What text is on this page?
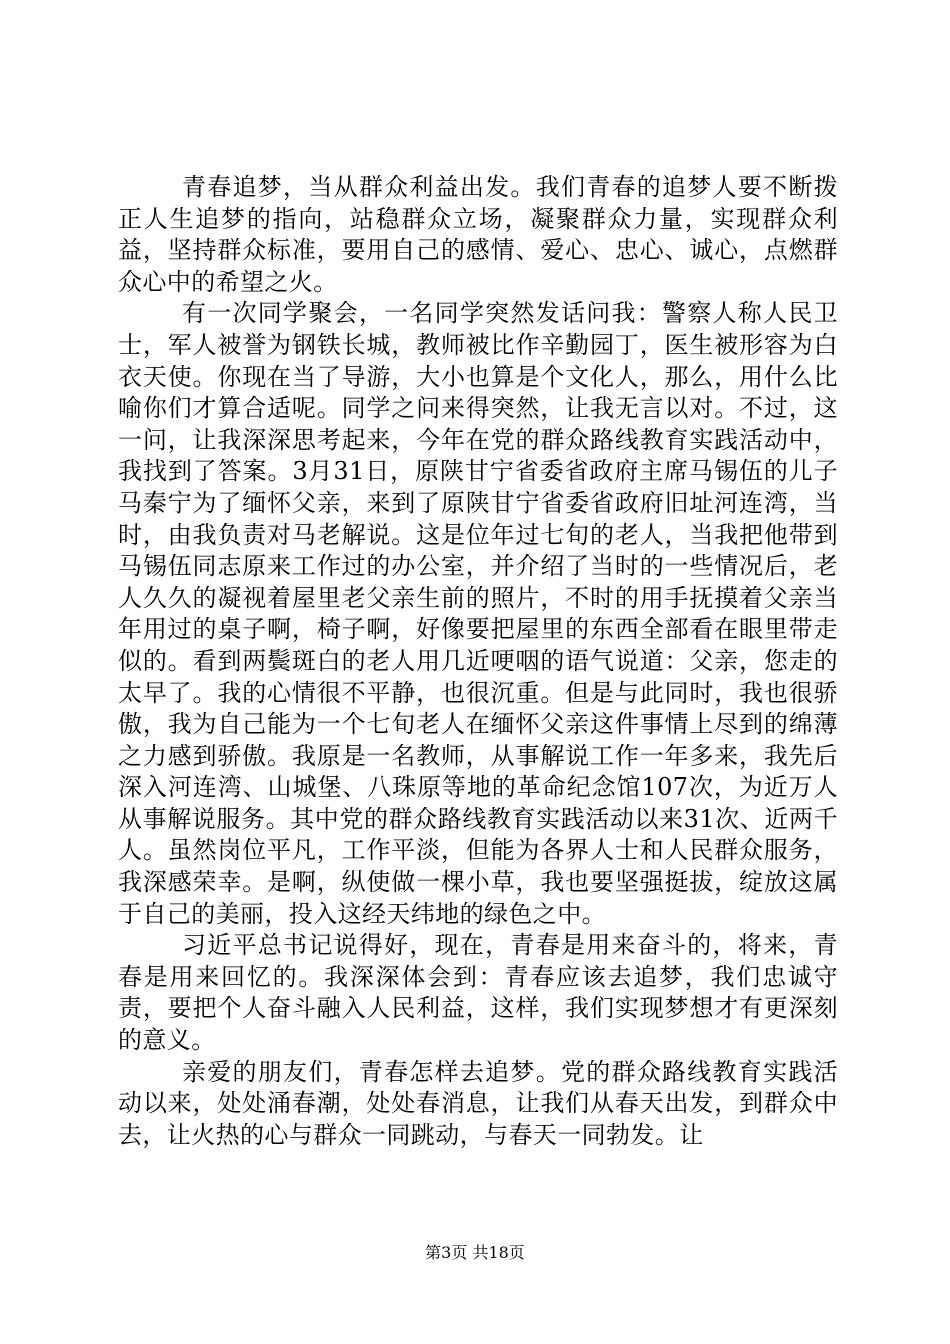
青春追梦，当从群众利益出发。我们青春的追梦人要不断拨正人生追梦的指向，站稳群众立场，凝聚群众力量，实现群众利益，坚持群众标准，要用自己的感情、爱心、忠心、诚心，点燃群众心中的希望之火。

有一次同学聚会，一名同学突然发话问我：警察人称人民卫士，军人被誉为钢铁长城，教师被比作辛勤园丁，医生被形容为白衣天使。你现在当了导游，大小也算是个文化人，那么，用什么比喻你们才算合适呢。同学之问来得突然，让我无言以对。不过，这一问，让我深深思考起来，今年在党的群众路线教育实践活动中，我找到了答案。3月31日，原陕甘宁省委省政府主席马锡伍的儿子马秦宁为了缅怀父亲，来到了原陕甘宁省委省政府旧址河连湾，当时，由我负责对马老解说。这是位年过七旬的老人，当我把他带到马锡伍同志原来工作过的办公室，并介绍了当时的一些情况后，老人久久的凝视着屋里老父亲生前的照片，不时的用手抚摸着父亲当年用过的桌子啊，椅子啊，好像要把屋里的东西全部看在眼里带走似的。看到两鬓斑白的老人用几近哽咽的语气说道：父亲，您走的太早了。我的心情很不平静，也很沉重。但是与此同时，我也很骄傲，我为自己能为一个七旬老人在缅怀父亲这件事情上尽到的绵薄之力感到骄傲。我原是一名教师，从事解说工作一年多来，我先后深入河连湾、山城堡、八珠原等地的革命纪念馆107次，为近万人从事解说服务。其中党的群众路线教育实践活动以来31次、近两千人。虽然岗位平凡，工作平淡，但能为各界人士和人民群众服务，我深感荣幸。是啊，纵使做一棵小草，我也要坚强挺拔，绽放这属于自己的美丽，投入这经天纬地的绿色之中。

习近平总书记说得好，现在，青春是用来奋斗的，将来，青春是用来回忆的。我深深体会到：青春应该去追梦，我们忠诚守责，要把个人奋斗融入人民利益，这样，我们实现梦想才有更深刻的意义。

亲爱的朋友们，青春怎样去追梦。党的群众路线教育实践活动以来，处处涌春潮，处处春消息，让我们从春天出发，到群众中去，让火热的心与群众一同跳动，与春天一同勃发。让

第3页 共18页
